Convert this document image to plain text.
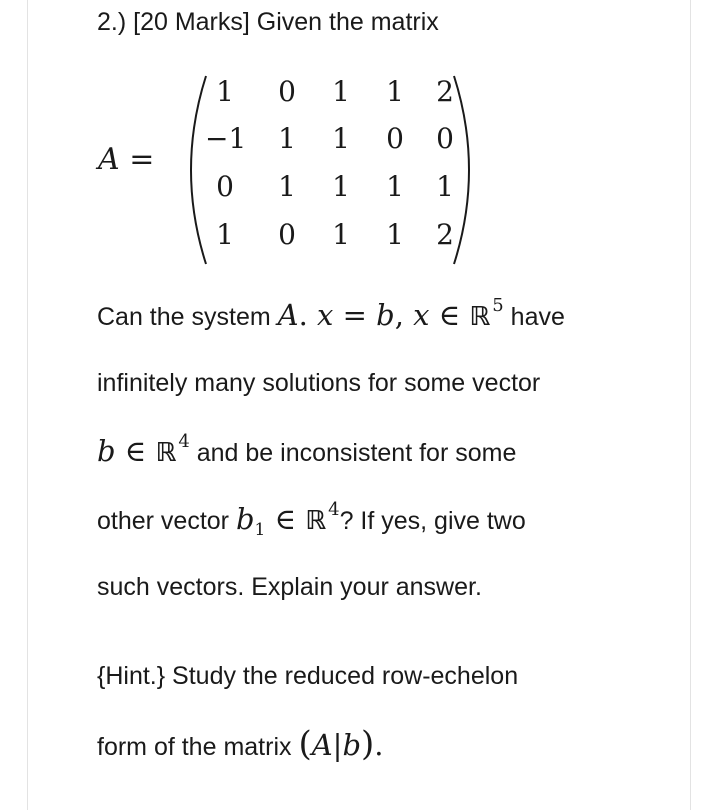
2.) [20 Marks] Given the matrix
A =
1	0	1	1	2
−1	1	1	0	0
0	1	1	1	1
1	0	1	1	2
Can the system A. x = b, x ∈ ℝ $^5$ have
infinitely many solutions for some vector
b ∈ ℝ $^4$ and be inconsistent for some
other vector $b_1$ ∈ ℝ $^4$? If yes, give two
such vectors. Explain your answer.
{Hint.} Study the reduced row-echelon
form of the matrix (A|b).
